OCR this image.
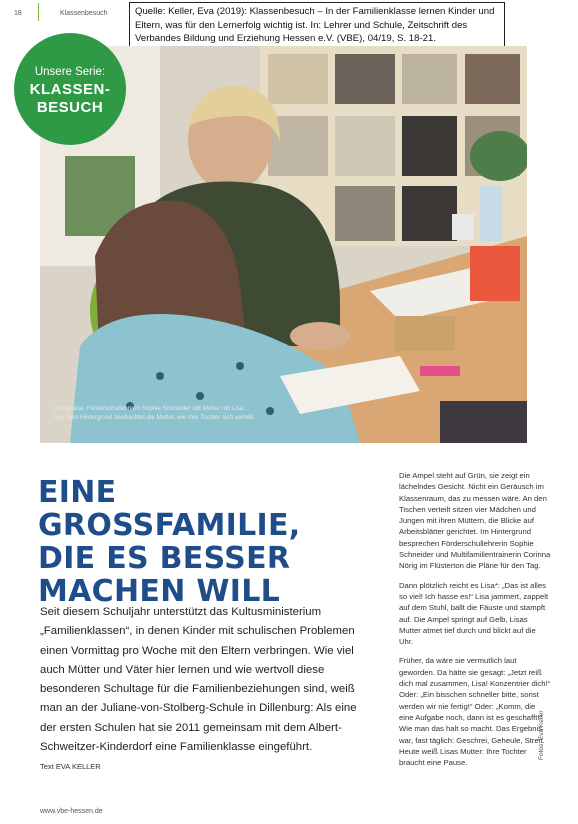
18	Klassenbesuch	Quelle: Keller, Eva (2019): Klassenbesuch – In der Familienklasse lernen Kinder und Eltern, was für den Lernerfolg wichtig ist. In: Lehrer und Schule, Zeitschrift des Verbandes Bildung und Erziehung Hessen e.V. (VBE), 04/19, S. 18-21.
Unsere Serie:
KLASSEN-
BESUCH
Lernphase: Förderschullehrerin Sophie Schneider übt Mutter mit Lisa.
Aus dem Hintergrund beobachtet die Mutter, wie ihre Tochter sich verhält.
EINE GROSSFAMILIE,
DIE ES BESSER
MACHEN WILL
Seit diesem Schuljahr unterstützt das Kultusministerium „Familienklassen“, in denen Kinder mit schulischen Problemen einen Vormittag pro Woche mit den Eltern verbringen. Wie viel auch Mütter und Väter hier lernen und wie wertvoll diese besonderen Schultage für die Familienbeziehungen sind, weiß man an der Juliane-von-Stolberg-Schule in Dillenburg: Als eine der ersten Schulen hat sie 2011 gemeinsam mit dem Albert-Schweitzer-Kinderdorf eine Familienklasse eingeführt.
Text EVA KELLER

Die Ampel steht auf Grün, sie zeigt ein lächelndes Gesicht. Nicht ein Geräusch im Klassenraum, das zu messen wäre. An den Tischen verteilt sitzen vier Mädchen und Jungen mit ihren Müttern, die Blicke auf Arbeitsblätter gerichtet. Im Hintergrund besprechen Förderschullehrerin Sophie Schneider und Multifamilientrainerin Corinna Nörig im Flüsterton die Pläne für den Tag.

Dann plötzlich reicht es Lisa*: „Das ist alles so viel! Ich hasse es!“ Lisa jammert, zappelt auf dem Stuhl, ballt die Fäuste und stampft auf. Die Ampel springt auf Gelb, Lisas Mutter atmet tief durch und blickt auf die Uhr.

Früher, da wäre sie vermutlich laut geworden. Da hätte sie gesagt: „Jetzt reiß dich mal zusammen, Lisa! Konzentrier dich!“ Oder: „Ein bisschen schneller bitte, sonst werden wir nie fertig!“ Oder: „Komm, die eine Aufgabe noch, dann ist es geschafft!“ Wie man das halt so macht. Das Ergebnis war, fast täglich: Geschrei, Geheule, Streit. Heute weiß Lisas Mutter: Ihre Tochter braucht eine Pause.

www.vbe-hessen.de
Fotos: Eva Keller
